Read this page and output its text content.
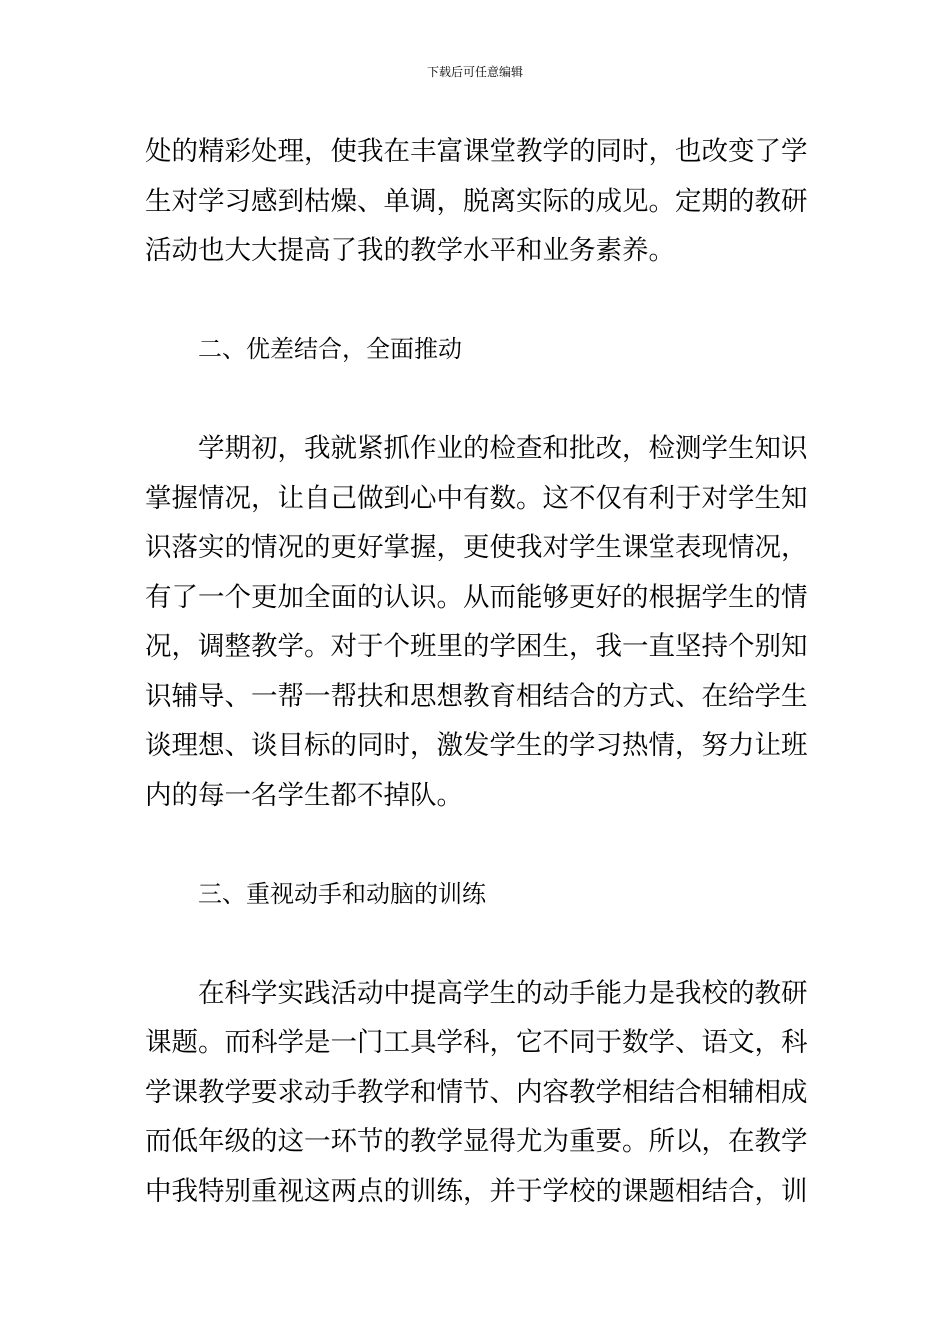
下载后可任意编辑
处的精彩处理，使我在丰富课堂教学的同时，也改变了学
生对学习感到枯燥、单调，脱离实际的成见。定期的教研
活动也大大提高了我的教学水平和业务素养。
二、优差结合，全面推动
学期初，我就紧抓作业的检查和批改，检测学生知识
掌握情况，让自己做到心中有数。这不仅有利于对学生知
识落实的情况的更好掌握，更使我对学生课堂表现情况，
有了一个更加全面的认识。从而能够更好的根据学生的情
况，调整教学。对于个班里的学困生，我一直坚持个别知
识辅导、一帮一帮扶和思想教育相结合的方式、在给学生
谈理想、谈目标的同时，激发学生的学习热情，努力让班
内的每一名学生都不掉队。
三、重视动手和动脑的训练
在科学实践活动中提高学生的动手能力是我校的教研
课题。而科学是一门工具学科，它不同于数学、语文，科
学课教学要求动手教学和情节、内容教学相结合相辅相成
而低年级的这一环节的教学显得尤为重要。所以，在教学
中我特别重视这两点的训练，并于学校的课题相结合，训
